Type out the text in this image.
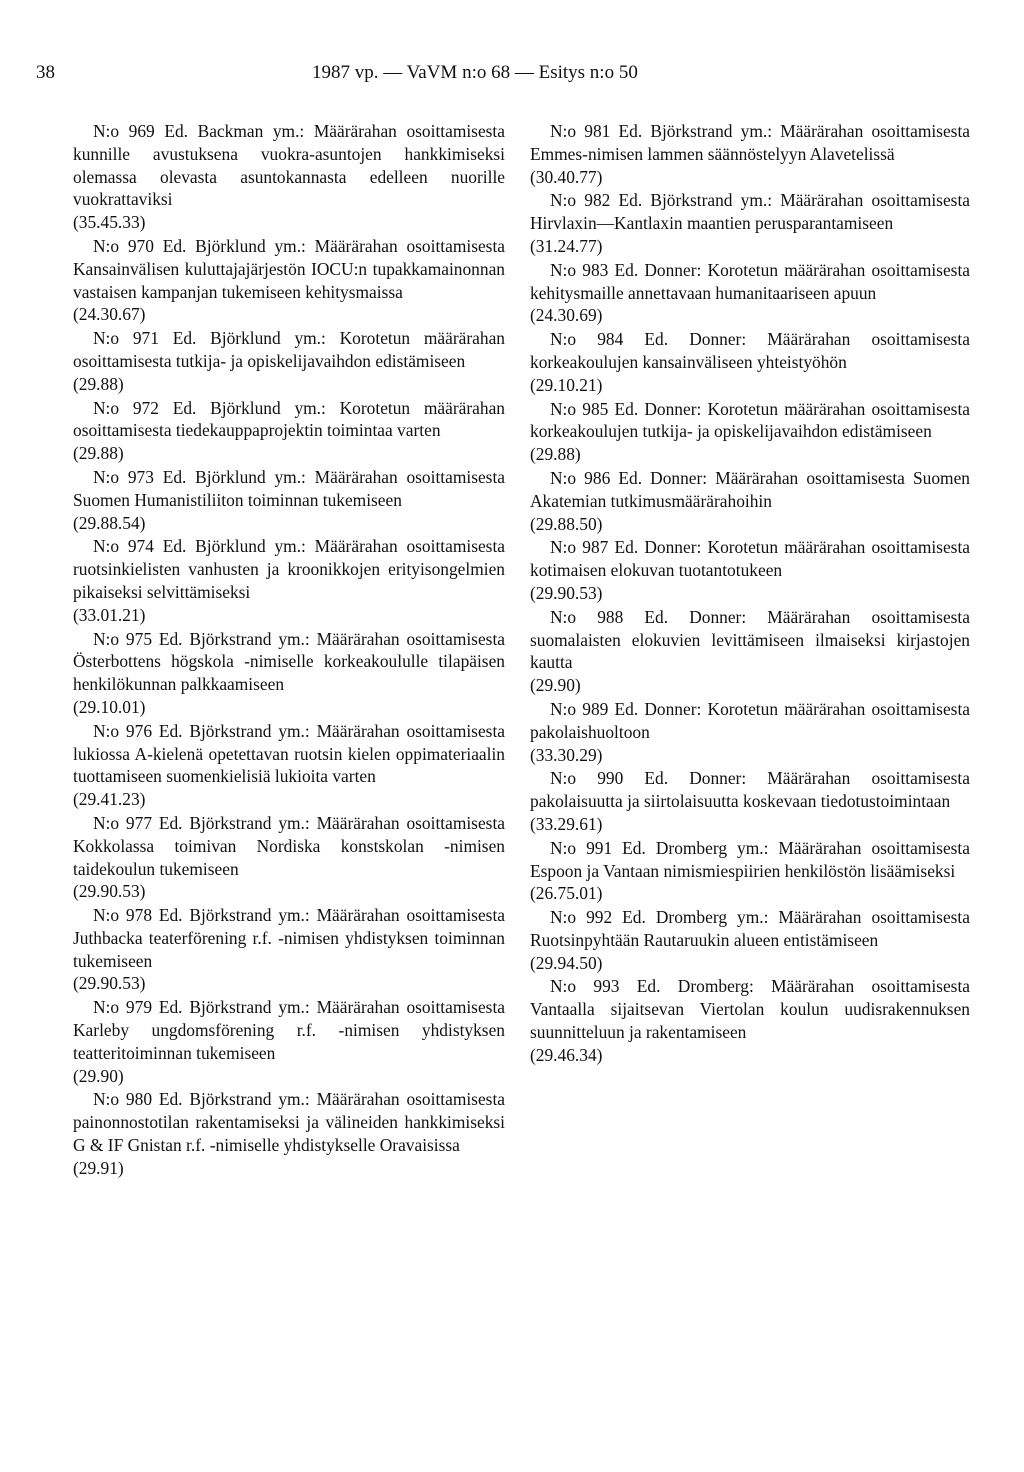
38	1987 vp. — VaVM n:o 68 — Esitys n:o 50
N:o 969 Ed. Backman ym.: Määrärahan osoittamisesta kunnille avustuksena vuokra-asuntojen hankkimiseksi olemassa olevasta asuntokannasta edelleen nuorille vuokrattaviksi
(35.45.33)
N:o 970 Ed. Björklund ym.: Määrärahan osoittamisesta Kansainvälisen kuluttajajärjestön IOCU:n tupakkamainonnan vastaisen kampanjan tukemiseen kehitysmaissa
(24.30.67)
N:o 971 Ed. Björklund ym.: Korotetun määrärahan osoittamisesta tutkija- ja opiskelijavaihdon edistämiseen
(29.88)
N:o 972 Ed. Björklund ym.: Korotetun määrärahan osoittamisesta tiedekauppaprojektin toimintaa varten
(29.88)
N:o 973 Ed. Björklund ym.: Määrärahan osoittamisesta Suomen Humanistiliiton toiminnan tukemiseen
(29.88.54)
N:o 974 Ed. Björklund ym.: Määrärahan osoittamisesta ruotsinkielisten vanhusten ja kroonikkojen erityisongelmien pikaiseksi selvittämiseksi
(33.01.21)
N:o 975 Ed. Björkstrand ym.: Määrärahan osoittamisesta Österbottens högskola -nimiselle korkeakoululle tilapäisen henkilökunnan palkkaamiseen
(29.10.01)
N:o 976 Ed. Björkstrand ym.: Määrärahan osoittamisesta lukiossa A-kielenä opetettavan ruotsin kielen oppimateriaalin tuottamiseen suomenkielisiä lukioita varten
(29.41.23)
N:o 977 Ed. Björkstrand ym.: Määrärahan osoittamisesta Kokkolassa toimivan Nordiska konstskolan -nimisen taidekoulun tukemiseen
(29.90.53)
N:o 978 Ed. Björkstrand ym.: Määrärahan osoittamisesta Juthbacka teaterförening r.f. -nimisen yhdistyksen toiminnan tukemiseen
(29.90.53)
N:o 979 Ed. Björkstrand ym.: Määrärahan osoittamisesta Karleby ungdomsförening r.f. -nimisen yhdistyksen teatteritoiminnan tukemiseen
(29.90)
N:o 980 Ed. Björkstrand ym.: Määrärahan osoittamisesta painonnostotilan rakentamiseksi ja välineiden hankkimiseksi G & IF Gnistan r.f. -nimiselle yhdistykselle Oravaisissa
(29.91)
N:o 981 Ed. Björkstrand ym.: Määrärahan osoittamisesta Emmes-nimisen lammen säännöstelyyn Alavetelissä
(30.40.77)
N:o 982 Ed. Björkstrand ym.: Määrärahan osoittamisesta Hirvlaxin—Kantlaxin maantien perusparantamiseen
(31.24.77)
N:o 983 Ed. Donner: Korotetun määrärahan osoittamisesta kehitysmaille annettavaan humanitaariseen apuun
(24.30.69)
N:o 984 Ed. Donner: Määrärahan osoittamisesta korkeakoulujen kansainväliseen yhteistyöhön
(29.10.21)
N:o 985 Ed. Donner: Korotetun määrärahan osoittamisesta korkeakoulujen tutkija- ja opiskelijavaihdon edistämiseen
(29.88)
N:o 986 Ed. Donner: Määrärahan osoittamisesta Suomen Akatemian tutkimusmäärärahoihin
(29.88.50)
N:o 987 Ed. Donner: Korotetun määrärahan osoittamisesta kotimaisen elokuvan tuotantotukeen
(29.90.53)
N:o 988 Ed. Donner: Määrärahan osoittamisesta suomalaisten elokuvien levittämiseen ilmaiseksi kirjastojen kautta
(29.90)
N:o 989 Ed. Donner: Korotetun määrärahan osoittamisesta pakolaishuoltoon
(33.30.29)
N:o 990 Ed. Donner: Määrärahan osoittamisesta pakolaisuutta ja siirtolaisuutta koskevaan tiedotustoimintaan
(33.29.61)
N:o 991 Ed. Dromberg ym.: Määrärahan osoittamisesta Espoon ja Vantaan nimismiespiirien henkilöstön lisäämiseksi
(26.75.01)
N:o 992 Ed. Dromberg ym.: Määrärahan osoittamisesta Ruotsinpyhtään Rautaruukin alueen entistämiseen
(29.94.50)
N:o 993 Ed. Dromberg: Määrärahan osoittamisesta Vantaalla sijaitsevan Viertolan koulun uudisrakennuksen suunnitteluun ja rakentamiseen
(29.46.34)
